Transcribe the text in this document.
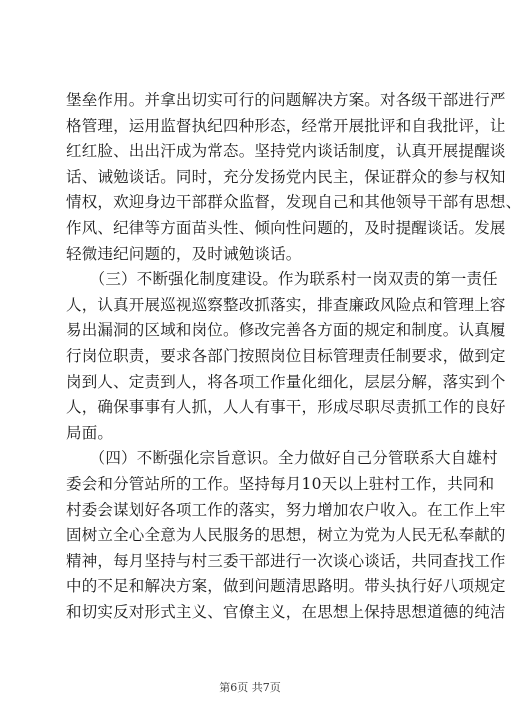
堡垒作用。并拿出切实可行的问题解决方案。对各级干部进行严
格管理，运用监督执纪四种形态，经常开展批评和自我批评，让
红红脸、出出汗成为常态。坚持党内谈话制度，认真开展提醒谈
话、诫勉谈话。同时，充分发扬党内民主，保证群众的参与权知
情权，欢迎身边干部群众监督，发现自己和其他领导干部有思想、
作风、纪律等方面苗头性、倾向性问题的，及时提醒谈话。发展
轻微违纪问题的，及时诫勉谈话。

　　（三）不断强化制度建设。作为联系村一岗双责的第一责任
人，认真开展巡视巡察整改抓落实，排查廉政风险点和管理上容
易出漏洞的区域和岗位。修改完善各方面的规定和制度。认真履
行岗位职责，要求各部门按照岗位目标管理责任制要求，做到定
岗到人、定责到人，将各项工作量化细化，层层分解，落实到个
人，确保事事有人抓，人人有事干，形成尽职尽责抓工作的良好
局面。

　　（四）不断强化宗旨意识。全力做好自己分管联系大自雄村
委会和分管站所的工作。坚持每月10天以上驻村工作，共同和
村委会谋划好各项工作的落实，努力增加农户收入。在工作上牢
固树立全心全意为人民服务的思想，树立为党为人民无私奉献的
精神，每月坚持与村三委干部进行一次谈心谈话，共同查找工作
中的不足和解决方案，做到问题清思路明。带头执行好八项规定
和切实反对形式主义、官僚主义，在思想上保持思想道德的纯洁

第6页 共7页
